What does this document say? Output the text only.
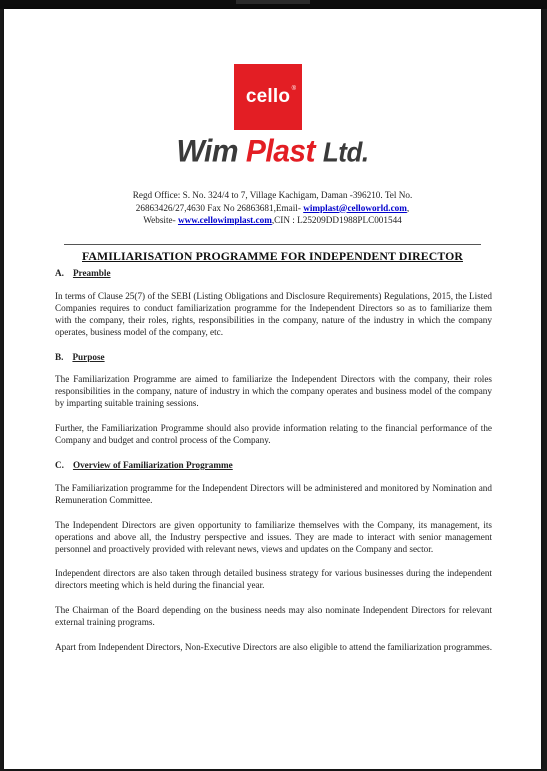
cello ®
Wim Plast Ltd.
Regd Office: S. No. 324/4 to 7, Village Kachigam, Daman -396210. Tel No.
26863426/27,4630 Fax No 26863681,Email- wimplast@celloworld.com,
Website- www.cellowimplast.com,CIN : L25209DD1988PLC001544
FAMILIARISATION PROGRAMME FOR INDEPENDENT DIRECTOR
A. Preamble

In terms of Clause 25(7) of the SEBI (Listing Obligations and Disclosure Requirements) Regulations, 2015, the Listed Companies requires to conduct familiarization programme for the Independent Directors so as to familiarize them with the company, their roles, rights, responsibilities in the company, nature of the industry in which the company operates, business model of the company, etc.

B. Purpose

The Familiarization Programme are aimed to familiarize the Independent Directors with the company, their roles responsibilities in the company, nature of industry in which the company operates and business model of the company by imparting suitable training sessions.

Further, the Familiarization Programme should also provide information relating to the financial performance of the Company and budget and control process of the Company.

C. Overview of Familiarization Programme

The Familiarization programme for the Independent Directors will be administered and monitored by Nomination and Remuneration Committee.

The Independent Directors are given opportunity to familiarize themselves with the Company, its management, its operations and above all, the Industry perspective and issues. They are made to interact with senior management personnel and proactively provided with relevant news, views and updates on the Company and sector.

Independent directors are also taken through detailed business strategy for various businesses during the independent directors meeting which is held during the financial year.

The Chairman of the Board depending on the business needs may also nominate Independent Directors for relevant external training programs.

Apart from Independent Directors, Non-Executive Directors are also eligible to attend the familiarization programmes.
